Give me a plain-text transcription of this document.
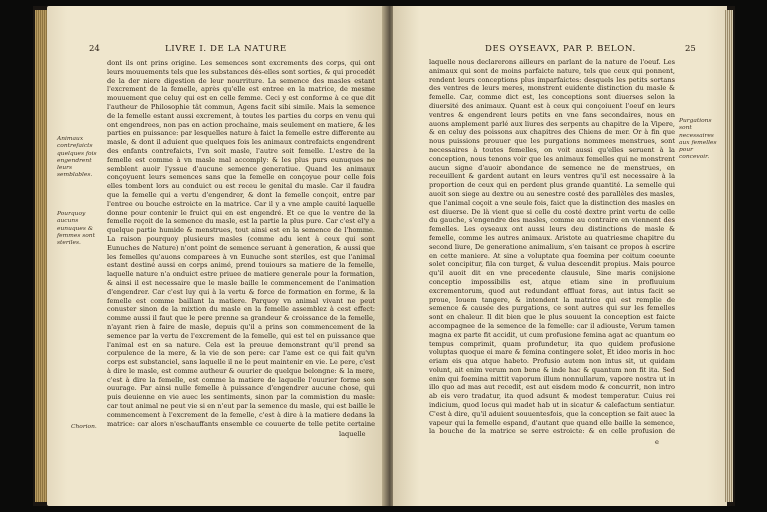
24	LIVRE I. DE LA NATURE
Animaux contrefaicts quelques fois engendrent leurs semblables.
Pourquoy aucuns eunuques & femmes sont steriles.
Chorion.

dont ils ont prins origine. Les semences sont excrements des corps, qui ont leurs mouuements tels que les substances dés-elles sont sorties, & qui procedét de la der niere digestion de leur nourriture. La semence des masles estant l'excrement de la femelle, après qu'elle est entree en la matrice, de mesme mouuement que celuy qui est en celle femme. Ceci y est conforme à ce que dit l'autheur de Philosophie tât commun, Agens facit sibi simile. Mais la semence de la femelle estant aussi excrement, à toutes les parties du corps en venu qui ont engendrees, non pas en action prochaine, mais seulement en matiere, & les parties en puissance: par lesquelles nature à faict la femelle estre differente au masle, & dont il aduient que quelques fois les animaux contrefaicts engendrent des enfants contrefaicts, l'vn soit masle, l'autre soit femelle. L'estre de la femelle est comme à vn masle mal accomply: & les plus purs eunuques ne semblent auoir l'yssue d'aucune semence generatiue. Quand les animaux conçoyuent leurs semences sans que la femelle en conçoyue pour celle fois elles tombent lors au conduict ou est receu le genital du masle. Car il faudra que la femelle qui a vertu d'engendrer, & dont la femelle conçoit, entre par l'entree ou bouche estroicte en la matrice. Car il y a vne ample cauité laquelle donne pour contenir le fruict qui en est engendré. Et ce que le ventre de la femelle reçoit de la semence du masle, est la partie la plus pure. Car c'est el'y a quelque partie humide & menstrues, tout ainsi est en la semence de l'homme. La raison pourquoy plusieurs masles (comme adu ient à ceux qui sont Eunuches de Nature) n'ont point de semence seruant à generation, & aussi que les femelles qu'auons comparees à vn Eunuche sont steriles, est que l'animal estant destiné aussi en corps animé, prend touiours sa matiere de la femelle, laquelle nature n'a onduict estre priuee de matiere generale pour la formation, & ainsi il est necessaire que le masle baille le commencement de l'animation d'engendrer. Car c'est luy qui à la vertu & force de formation en forme, & la femelle est comme baillant la matiere. Parquoy vn animal vivant ne peut conuster sinon de la mixtion du masle en la femelle assemblez à cest effect: comme aussi il faut que le pere prenne sa grandeur & croissance de la femelle, n'ayant rien à faire de masle, depuis qu'il a prins son commencement de la semence par la vertu de l'excrement de la femelle, qui est tel en puissance que l'animal est en sa nature. Cela est la preuue demonstrant qu'il prend sa corpulence de la mere, & la vie de son pere: car l'ame est ce qui fait qu'vn corps est substanciel, sans laquelle il ne le peut maintenir en vie. Le pere, c'est à dire le masle, est comme autheur & ouurier de quelque belongne: & la mere, c'est à dire la femelle, est comme la matiere de laquelle l'ouurier forme son ouurage. Par ainsi nulle femelle à puissance d'engendrer aucune chose, qui puis deuienne en vie auec les sentiments, sinon par la commistion du masle: car tout animal ne peut vie si en n'eut par la semence du masle, qui est baille le commencement à l'excrement de la femelle, c'est à dire à la matiere dedans la matrice: car alors n'eschauffants ensemble ce couuerte de telle petite certaine

laquelle
DES OYSEAVX, PAR P. BELON.	25
Purgations sont necessaires aux femelles pour concevoir.

laquelle nous declarerons ailleurs en parlant de la nature de l'oeuf. Les animaux qui sont de moins parfaicte nature, tels que ceux qui ponnent, rendent leurs conceptions plus imparfaictes: desquels les petits sortans des ventres de leurs meres, monstrent euidente distinction du masle & femelle. Car, comme dict est, les conceptions sont diuerses selon la diuersité des animaux. Quant est à ceux qui conçoiuent l'oeuf en leurs ventres & engendrent leurs petits en vne fans secondaires, nous en auons amplement parlé aux liures des serpents au chapitre de la Vipere, & en celuy des poissons aux chapitres des Chiens de mer. Or à fin que nous puissions prouuer que les purgations nommees menstrues, sont necessaires à toutes femelles, on voit aussi qu'elles seruent à la conception, nous tenons voir que les animaux femelles qui ne monstrent aucun signe d'auoir abondance de semence ne de menstrues, en receuillent & gardent autant en leurs ventres qu'il est necessaire à la proportion de ceux qui en perdent plus grande quantité. La semelle qui auoit son siege au dextre ou au senestre costé des parallèles des masles, que l'animal coçoit a vne seule fois, faict que la distinction des masles en est diuerse. De là vient que si celle du costé dextre print vertu de celle du gauche, s'engendre des masles, comme au contraire en viennent des femelles. Les oyseaux ont aussi leurs deu distinctions de masle & femelle, comme les autres animaux. Aristote au quatriesme chapitre du second liure, De generatione animalium, s'en taisant ce propos à escrire en cette maniere. At sine a voluptate qua foemina per coitum coeunte solet concipitur, fila con turget, & vulua descendit propius. Mais pource qu'il auoit dit en vne precedente clausule, Sine maris conijsione conceptio impossibilis est, atque etiam sine in profluuium excrementorum, quod aut redundant effluat foras, aut intus facit se proue, Iouem tangere, & intendent la matrice qui est remplie de semence & causée des purgations, ce sont autres qui sur les femelles sont en chaleur. Il dit bien que le plus souuent la conception est faicte accompagnee de la semence de la femelle: car il adiouste, Verum tamen magna ex parte fit accidit, ut cum profusione femina agat ac quantum eo tempus comprimit, quam profundetur, ita quo quidem profusione voluptas quoque ei mare & femina contingere solet, Et ideo moris in hoc eriam eis qua atque habeto. Profusio autem non intus sit, ut quidam volunt, ait enim verum non bene & inde hac & quantum non fit ita. Sed enim qui foemina mittit vaporum illum nonnullarum, vapore nostra ut in illo quo ad mas aut recedit, est aut eisdem modo & concurrit, non intro ab eis vero tradatur, ita quod adsunt & modest temperatur. Cuius rei indicium, quod locus qui madet hab ut in sicatur & calefactum sentiatur. C'est à dire, qu'il aduient souuentesfois, que la conception se fait auec la vapeur qui la femelle espand, d'autant que quand elle baille la semence, la bouche de la matrice se serre estroicte: & en celle profusion de

e
